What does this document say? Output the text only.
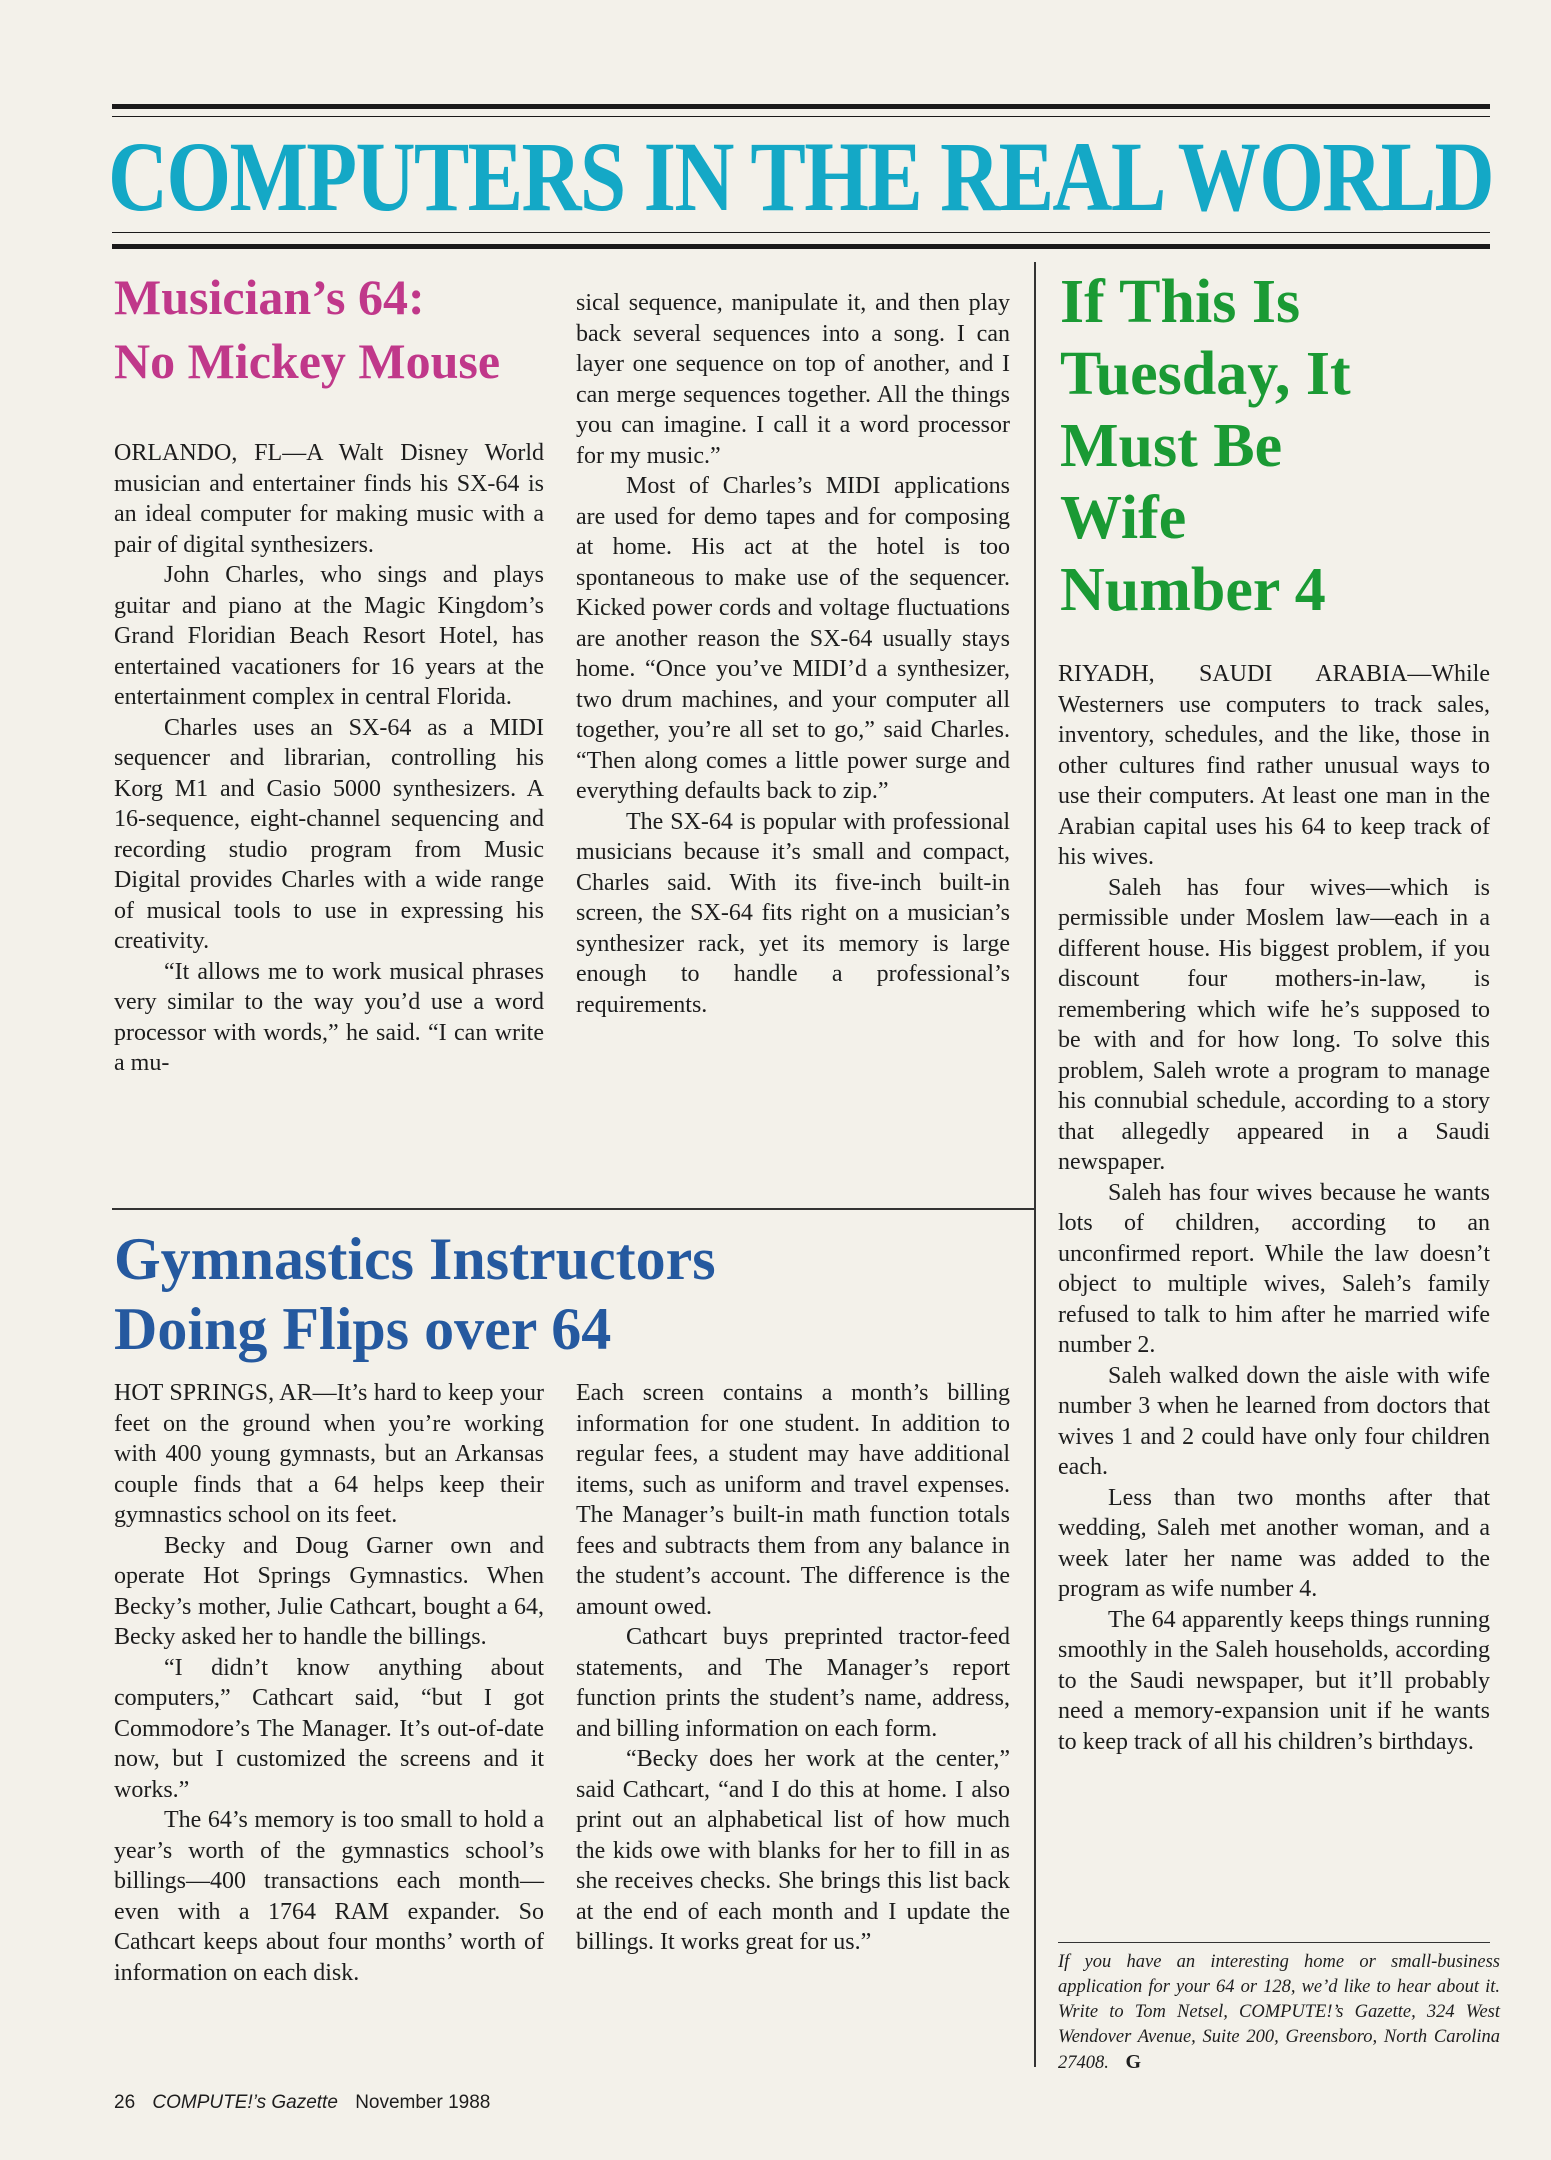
COMPUTERS IN THE REAL WORLD
Musician’s 64:
No Mickey Mouse

ORLANDO, FL—A Walt Disney World musician and entertainer finds his SX-64 is an ideal computer for making music with a pair of digital synthesizers.

John Charles, who sings and plays guitar and piano at the Magic Kingdom’s Grand Floridian Beach Resort Hotel, has entertained vacationers for 16 years at the entertainment complex in central Florida.

Charles uses an SX-64 as a MIDI sequencer and librarian, controlling his Korg M1 and Casio 5000 synthesizers. A 16-sequence, eight-channel sequencing and recording studio program from Music Digital provides Charles with a wide range of musical tools to use in expressing his creativity.

“It allows me to work musical phrases very similar to the way you’d use a word processor with words,” he said. “I can write a mu-

sical sequence, manipulate it, and then play back several sequences into a song. I can layer one sequence on top of another, and I can merge sequences together. All the things you can imagine. I call it a word processor for my music.”

Most of Charles’s MIDI applications are used for demo tapes and for composing at home. His act at the hotel is too spontaneous to make use of the sequencer. Kicked power cords and voltage fluctuations are another reason the SX-64 usually stays home. “Once you’ve MIDI’d a synthesizer, two drum machines, and your computer all together, you’re all set to go,” said Charles. “Then along comes a little power surge and everything defaults back to zip.”

The SX-64 is popular with professional musicians because it’s small and compact, Charles said. With its five-inch built-in screen, the SX-64 fits right on a musician’s synthesizer rack, yet its memory is large enough to handle a professional’s requirements.

If This Is
Tuesday, It
Must Be
Wife
Number 4

RIYADH, SAUDI ARABIA—While Westerners use computers to track sales, inventory, schedules, and the like, those in other cultures find rather unusual ways to use their computers. At least one man in the Arabian capital uses his 64 to keep track of his wives.

Saleh has four wives—which is permissible under Moslem law—each in a different house. His biggest problem, if you discount four mothers-in-law, is remembering which wife he’s supposed to be with and for how long. To solve this problem, Saleh wrote a program to manage his connubial schedule, according to a story that allegedly appeared in a Saudi newspaper.

Saleh has four wives because he wants lots of children, according to an unconfirmed report. While the law doesn’t object to multiple wives, Saleh’s family refused to talk to him after he married wife number 2.

Saleh walked down the aisle with wife number 3 when he learned from doctors that wives 1 and 2 could have only four children each.

Less than two months after that wedding, Saleh met another woman, and a week later her name was added to the program as wife number 4.

The 64 apparently keeps things running smoothly in the Saleh households, according to the Saudi newspaper, but it’ll probably need a memory-expansion unit if he wants to keep track of all his children’s birthdays.

If you have an interesting home or small-business application for your 64 or 128, we’d like to hear about it. Write to Tom Netsel, COMPUTE!’s Gazette, 324 West Wendover Avenue, Suite 200, Greensboro, North Carolina 27408. G
Gymnastics Instructors
Doing Flips over 64

HOT SPRINGS, AR—It’s hard to keep your feet on the ground when you’re working with 400 young gymnasts, but an Arkansas couple finds that a 64 helps keep their gymnastics school on its feet.

Becky and Doug Garner own and operate Hot Springs Gymnastics. When Becky’s mother, Julie Cathcart, bought a 64, Becky asked her to handle the billings.

“I didn’t know anything about computers,” Cathcart said, “but I got Commodore’s The Manager. It’s out-of-date now, but I customized the screens and it works.”

The 64’s memory is too small to hold a year’s worth of the gymnastics school’s billings—400 transactions each month—even with a 1764 RAM expander. So Cathcart keeps about four months’ worth of information on each disk.

Each screen contains a month’s billing information for one student. In addition to regular fees, a student may have additional items, such as uniform and travel expenses. The Manager’s built-in math function totals fees and subtracts them from any balance in the student’s account. The difference is the amount owed.

Cathcart buys preprinted tractor-feed statements, and The Manager’s report function prints the student’s name, address, and billing information on each form.

“Becky does her work at the center,” said Cathcart, “and I do this at home. I also print out an alphabetical list of how much the kids owe with blanks for her to fill in as she receives checks. She brings this list back at the end of each month and I update the billings. It works great for us.”

26 COMPUTE!’s Gazette November 1988
